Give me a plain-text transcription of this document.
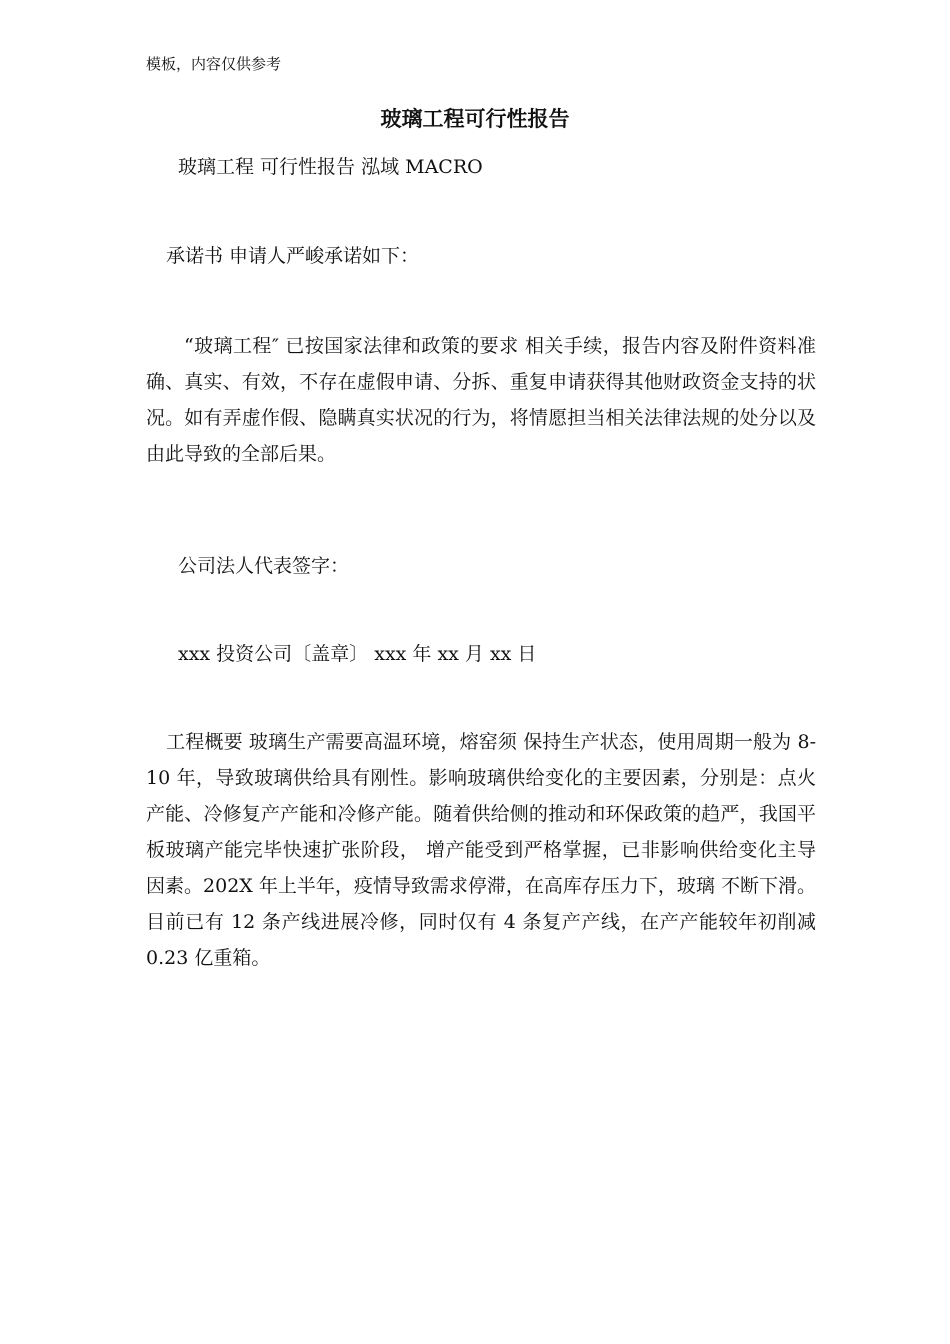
模板，内容仅供参考
玻璃工程可行性报告
玻璃工程 可行性报告 泓域 MACRO
承诺书 申请人严峻承诺如下：
“玻璃工程″ 已按国家法律和政策的要求 相关手续，报告内容及附件资料准确、真实、有效，不存在虚假申请、分拆、重复申请获得其他财政资金支持的状况。如有弄虚作假、隐瞒真实状况的行为，将情愿担当相关法律法规的处分以及由此导致的全部后果。
公司法人代表签字：
xxx 投资公司〔盖章〕 xxx 年 xx 月 xx 日
工程概要 玻璃生产需要高温环境，熔窑须 保持生产状态，使用周期一般为 8-10 年，导致玻璃供给具有刚性。影响玻璃供给变化的主要因素，分别是：点火产能、冷修复产产能和冷修产能。随着供给侧的推动和环保政策的趋严，我国平板玻璃产能完毕快速扩张阶段， 增产能受到严格掌握，已非影响供给变化主导因素。202X 年上半年，疫情导致需求停滞，在高库存压力下，玻璃 不断下滑。目前已有 12 条产线进展冷修，同时仅有 4 条复产产线，在产产能较年初削减 0.23 亿重箱。
